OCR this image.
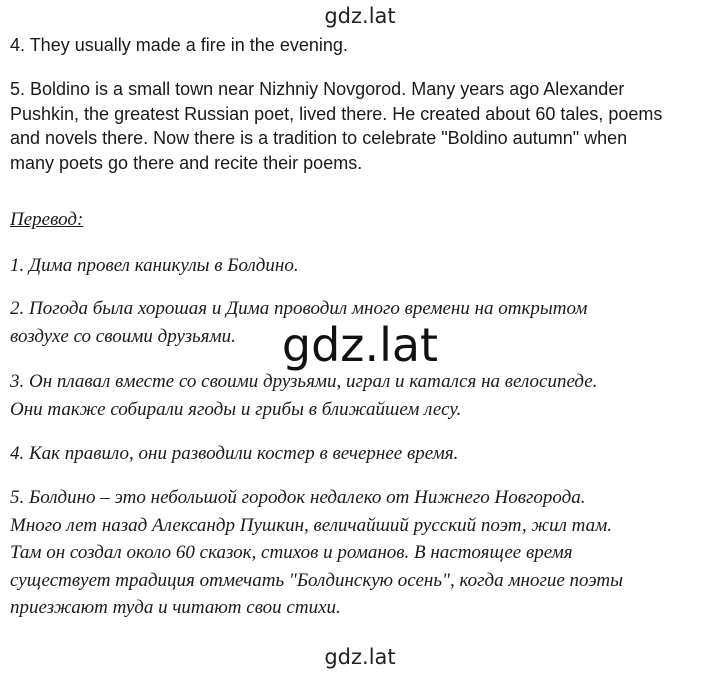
gdz.lat

4. They usually made a fire in the evening.

5. Boldino is a small town near Nizhniy Novgorod. Many years ago Alexander
Pushkin, the greatest Russian poet, lived there. He created about 60 tales, poems
and novels there. Now there is a tradition to celebrate "Boldino autumn" when
many poets go there and recite their poems.

Перевод:

1. Дима провел каникулы в Болдино.

2. Погода была хорошая и Дима проводил много времени на открытом
воздухе со своими друзьями.

3. Он плавал вместе со своими друзьями, играл и катался на велосипеде.
Они также собирали ягоды и грибы в ближайшем лесу.

4. Как правило, они разводили костер в вечернее время.

5. Болдино – это небольшой городок недалеко от Нижнего Новгорода.
Много лет назад Александр Пушкин, величайший русский поэт, жил там.
Там он создал около 60 сказок, стихов и романов. В настоящее время
существует традиция отмечать "Болдинскую осень", когда многие поэты
приезжают туда и читают свои стихи.

gdz.lat
gdz.lat
